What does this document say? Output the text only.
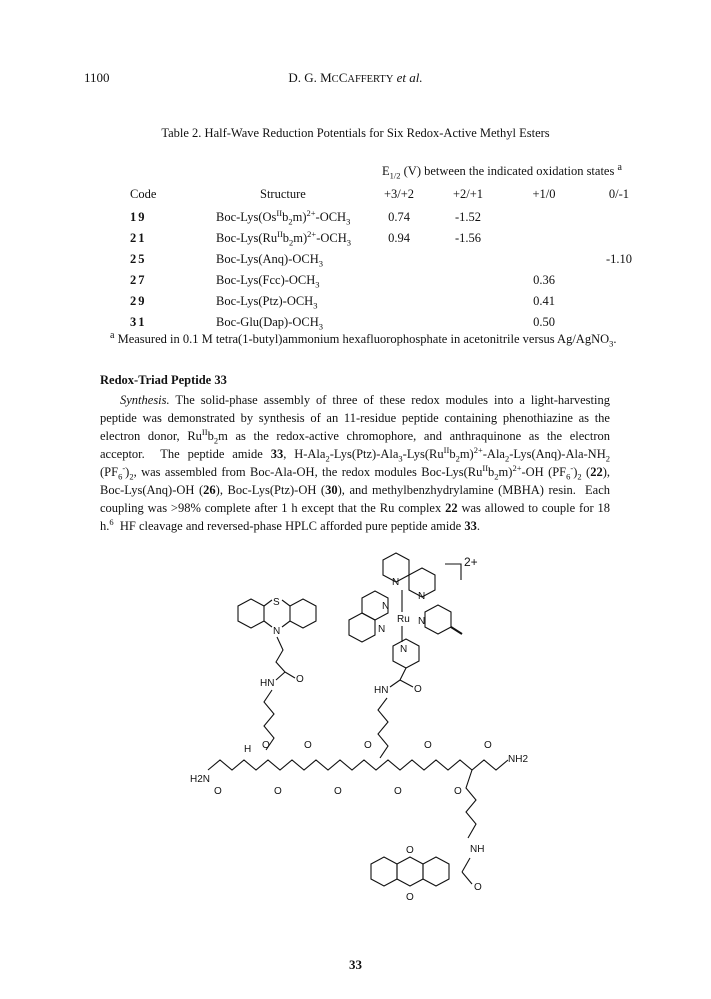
1100	D. G. MCCAFFERTY et al.
Table 2. Half-Wave Reduction Potentials for Six Redox-Active Methyl Esters
$E_{1/2}$ (V) between the indicated oxidation states $^a$
Code	Structure	+3/+2	+2/+1	+1/0	0/-1
19	Boc-$Lys(Os^{II}b_2m)^{2+}-OCH_3$	0.74	-1.52		
21	Boc-$Lys(Ru^{II}b_2m)^{2+}-OCH_3$	0.94	-1.56		
25	Boc-$Lys(Anq)-OCH_3$				-1.10
27	Boc-$Lys(Fcc)-OCH_3$			0.36	
29	Boc-$Lys(Ptz)-OCH_3$			0.41	
31	Boc-$Glu(Dap)-OCH_3$			0.50	
$^a$ Measured in 0.1 M tetra(1-butyl)ammonium hexafluorophosphate in acetonitrile versus Ag/AgNO$_3$.
Redox-Triad Peptide 33
Synthesis. The solid-phase assembly of three of these redox modules into a light-harvesting peptide was demonstrated by synthesis of an 11-residue peptide containing phenothiazine as the electron donor, $Ru^{II}b_2m$ as the redox-active chromophore, and anthraquinone as the electron acceptor.  The peptide amide 33, $H-Ala_2-Lys(Ptz)-Ala_3-Lys(Ru^{II}b_2m)^{2+}-Ala_2-Lys(Anq)-Ala-NH_2$ $(PF_6^-)_2$, was assembled from Boc-Ala-OH, the redox modules Boc-$Lys(Ru^{II}b_2m)^{2+}-OH$ $(PF_6^-)_2$ (22), Boc-Lys(Anq)-OH (26), Boc-Lys(Ptz)-OH (30), and methylbenzhydrylamine (MBHA) resin.  Each coupling was >98% complete after 1 h except that the Ru complex 22 was allowed to couple for 18 h.$^6$  HF cleavage and reversed-phase HPLC afforded pure peptide amide 33.
N
N
N
N
Ru N
N
2+
O
HN
S
N
O
HN
H2N
NH2
H O	O	O	O	O
O	O	O	O	O
NH
O
O
O
33
